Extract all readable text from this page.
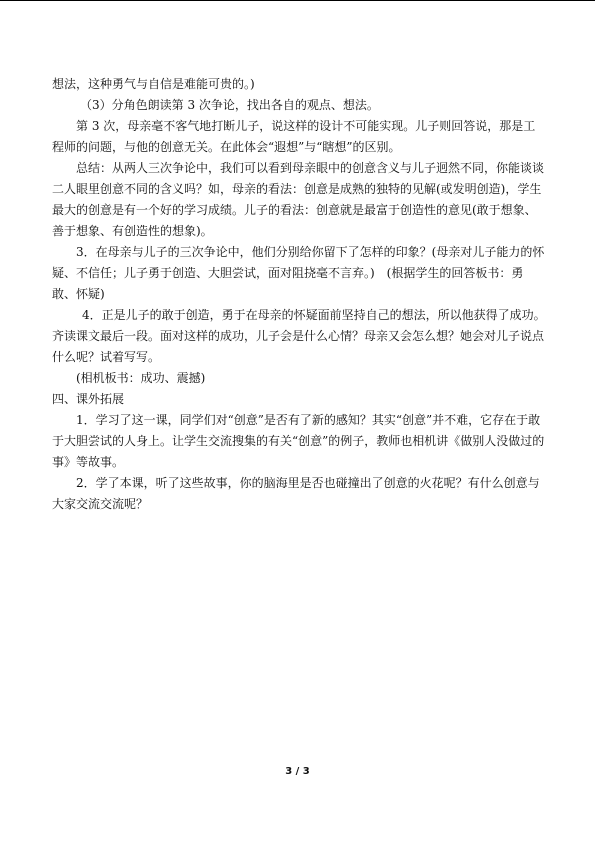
想法，这种勇气与自信是难能可贵的。)

（3）分角色朗读第 3 次争论，找出各自的观点、想法。

第 3 次，母亲毫不客气地打断儿子，说这样的设计不可能实现。儿子则回答说，那是工程师的问题，与他的创意无关。在此体会“遐想”与“瞎想”的区别。

总结：从两人三次争论中，我们可以看到母亲眼中的创意含义与儿子迥然不同，你能谈谈二人眼里创意不同的含义吗？如，母亲的看法：创意是成熟的独特的见解(或发明创造)，学生最大的创意是有一个好的学习成绩。儿子的看法：创意就是最富于创造性的意见(敢于想象、善于想象、有创造性的想象)。

3．在母亲与儿子的三次争论中，他们分别给你留下了怎样的印象？(母亲对儿子能力的怀疑、不信任；儿子勇于创造、大胆尝试，面对阻挠毫不言弃。)　(根据学生的回答板书：勇敢、怀疑)

4．正是儿子的敢于创造，勇于在母亲的怀疑面前坚持自己的想法，所以他获得了成功。齐读课文最后一段。面对这样的成功，儿子会是什么心情？母亲又会怎么想？她会对儿子说点什么呢？试着写写。

(相机板书：成功、震撼)

四、课外拓展

1．学习了这一课，同学们对“创意”是否有了新的感知？其实“创意”并不难，它存在于敢于大胆尝试的人身上。让学生交流搜集的有关“创意”的例子，教师也相机讲《做别人没做过的事》等故事。

2．学了本课，听了这些故事，你的脑海里是否也碰撞出了创意的火花呢？有什么创意与大家交流交流呢？

3 / 3
